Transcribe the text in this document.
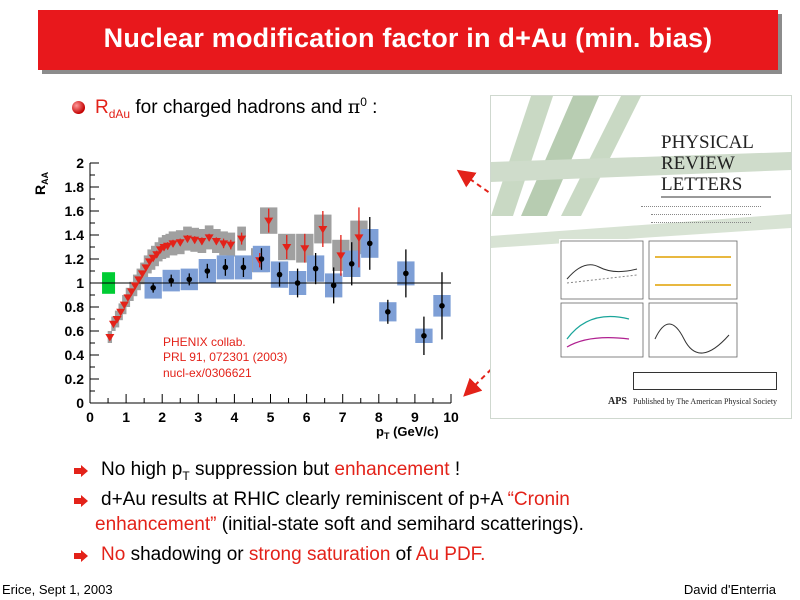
Nuclear modification factor in d+Au (min. bias)
$R_{dAu}$ for charged hadrons and $\pi^0$ :
0 1 2 3 4 5 6 7 8 9 10
0
0.2
0.4
0.6
0.8
1
1.2
1.4
1.6
1.8
2
$p_T$ (GeV/c)
$R_{AA}$
PHENIX collab.
PRL 91, 072301 (2003)
nucl-ex/0306621
PHYSICAL
REVIEW
LETTERS
APS Published by The American Physical Society
No high $p_T$ suppression but enhancement !
d+Au results at RHIC clearly reminiscent of p+A “Cronin
enhancement” (initial-state soft and semihard scatterings).
No shadowing or strong saturation of Au PDF.
Erice, Sept 1, 2003	David d'Enterria
